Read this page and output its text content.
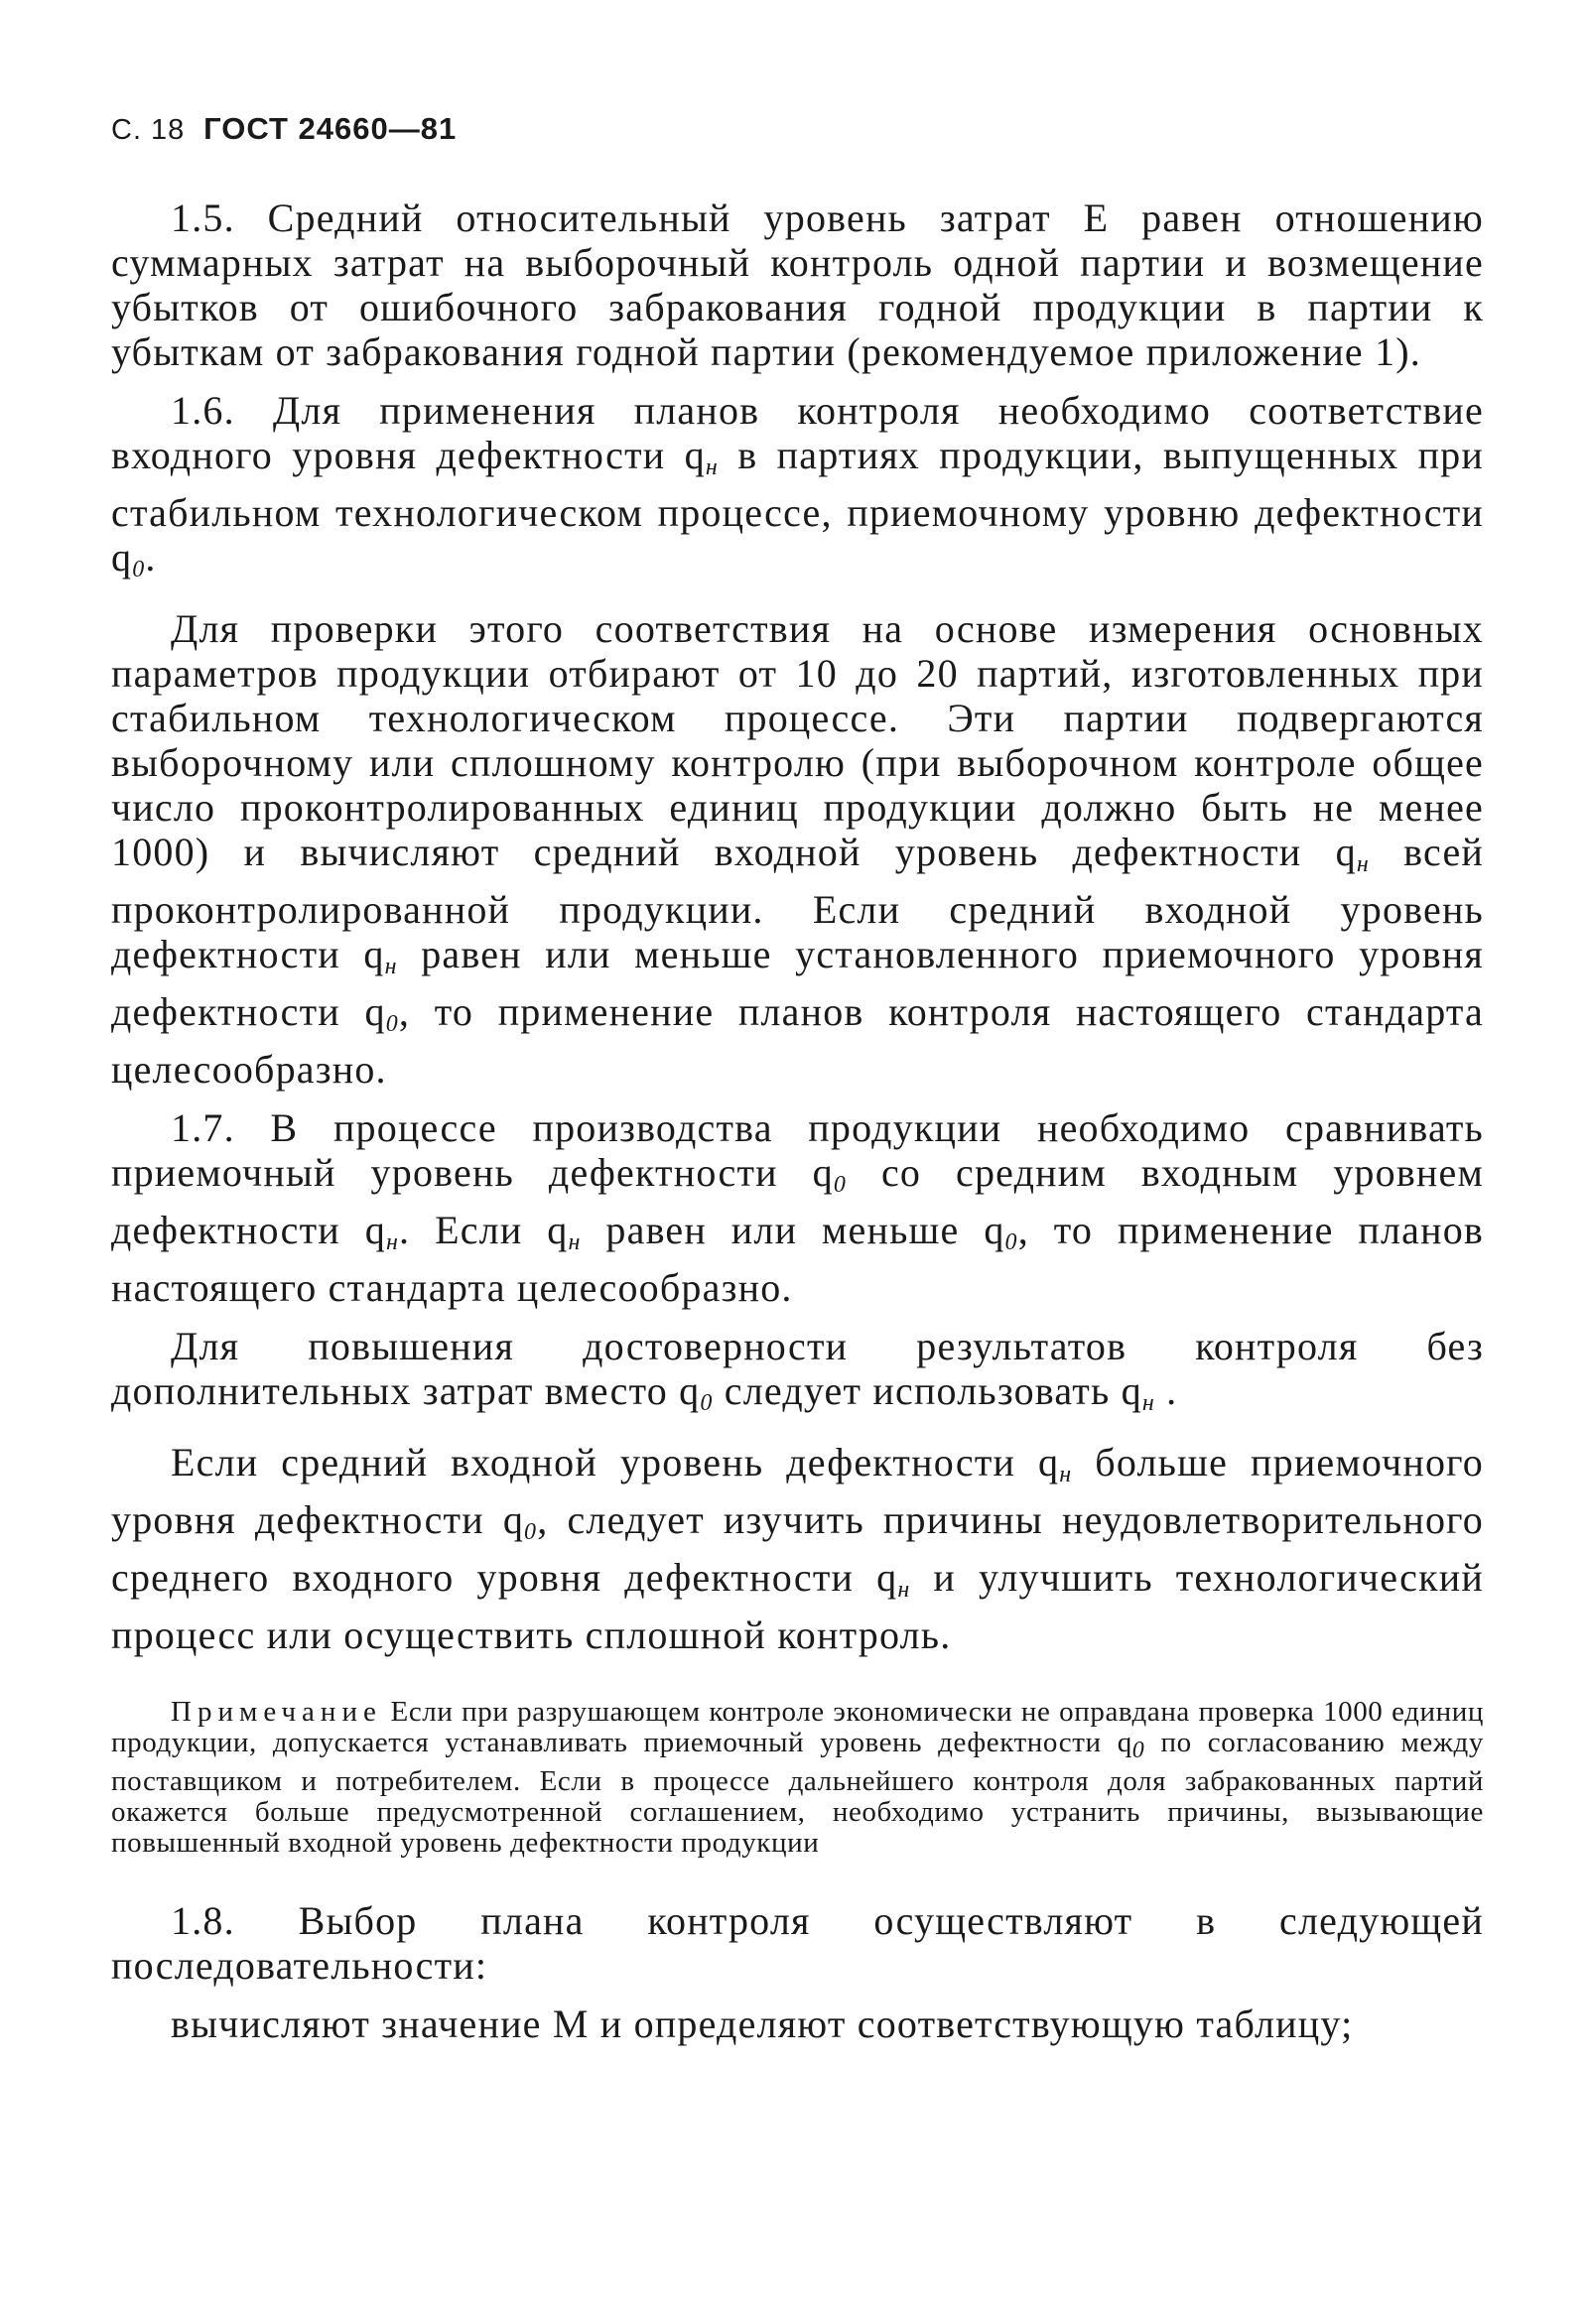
С. 18 ГОСТ 24660—81

1.5. Средний относительный уровень затрат E равен отношению суммарных затрат на выборочный контроль одной партии и возмещение убытков от ошибочного забракования годной продукции в партии к убыткам от забракования годной партии (рекомендуемое приложение 1).

1.6. Для применения планов контроля необходимо соответствие входного уровня дефектности $q_н$ в партиях продукции, выпущенных при стабильном технологическом процессе, приемочному уровню дефектности $q_0$.

Для проверки этого соответствия на основе измерения основных параметров продукции отбирают от 10 до 20 партий, изготовленных при стабильном технологическом процессе. Эти партии подвергаются выборочному или сплошному контролю (при выборочном контроле общее число проконтролированных единиц продукции должно быть не менее 1000) и вычисляют средний входной уровень дефектности $q_н$ всей проконтролированной продукции. Если средний входной уровень дефектности $q_н$ равен или меньше установленного приемочного уровня дефектности $q_0$, то применение планов контроля настоящего стандарта целесообразно.

1.7. В процессе производства продукции необходимо сравнивать приемочный уровень дефектности $q_0$ со средним входным уровнем дефектности $q_н$. Если $q_н$ равен или меньше $q_0$, то применение планов настоящего стандарта целесообразно.

Для повышения достоверности результатов контроля без дополнительных затрат вместо $q_0$ следует использовать $q_н$ .

Если средний входной уровень дефектности $q_н$ больше приемочного уровня дефектности $q_0$, следует изучить причины неудовлетворительного среднего входного уровня дефектности $q_н$ и улучшить технологический процесс или осуществить сплошной контроль.

Примечание Если при разрушающем контроле экономически не оправдана проверка 1000 единиц продукции, допускается устанавливать приемочный уровень дефектности $q_0$ по согласованию между поставщиком и потребителем. Если в процессе дальнейшего контроля доля забракованных партий окажется больше предусмотренной соглашением, необходимо устранить причины, вызывающие повышенный входной уровень дефектности продукции

1.8. Выбор плана контроля осуществляют в следующей последовательности:

вычисляют значение M и определяют соответствующую таблицу;
